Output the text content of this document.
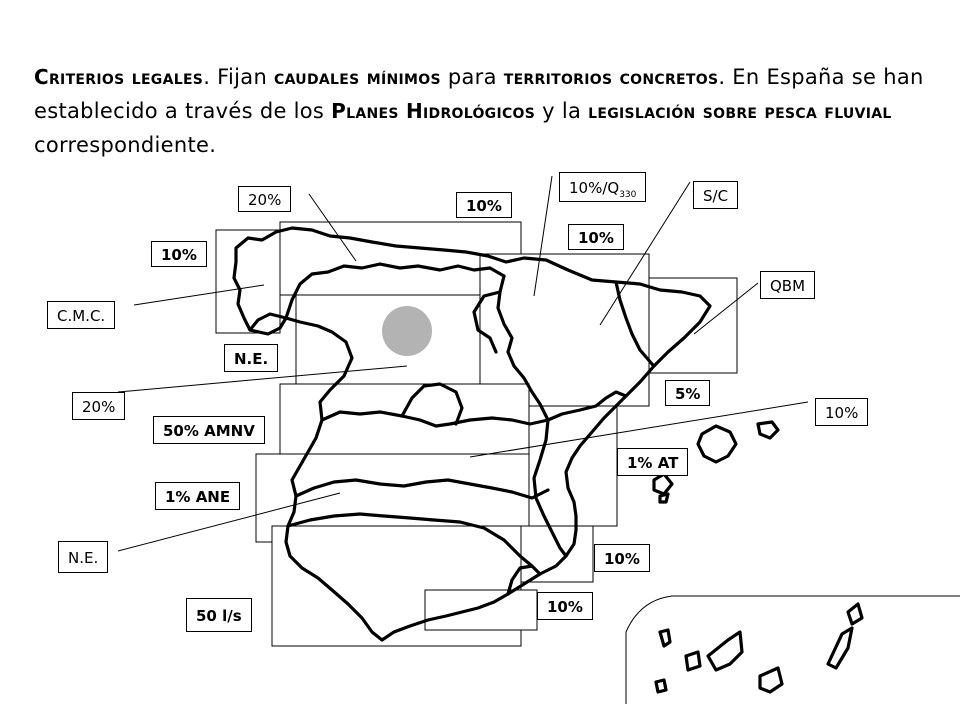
Criterios legales. Fijan caudales mínimos para territorios concretos. En España se han establecido a través de los Planes Hidrológicos y la legislación sobre pesca fluvial correspondiente.

20%	10%
$10\%/Q_{330}$	S/C
10%
10%
QBM
C.M.C.
N.E.
5%
20%	10%
50% AMNV
1% AT
1% ANE
N.E.	10%
50 l/s	10%
